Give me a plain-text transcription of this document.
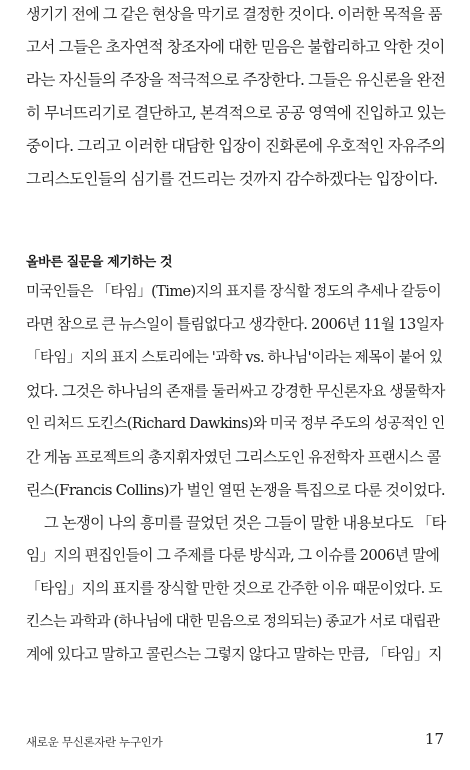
생기기 전에 그 같은 현상을 막기로 결정한 것이다. 이러한 목적을 품
고서 그들은 초자연적 창조자에 대한 믿음은 불합리하고 악한 것이
라는 자신들의 주장을 적극적으로 주장한다. 그들은 유신론을 완전
히 무너뜨리기로 결단하고, 본격적으로 공공 영역에 진입하고 있는
중이다. 그리고 이러한 대담한 입장이 진화론에 우호적인 자유주의
그리스도인들의 심기를 건드리는 것까지 감수하겠다는 입장이다.
올바른 질문을 제기하는 것
미국인들은 「타임」(Time)지의 표지를 장식할 정도의 추세나 갈등이
라면 참으로 큰 뉴스일이 틀림없다고 생각한다. 2006년 11월 13일자
「타임」지의 표지 스토리에는 '과학 vs. 하나님'이라는 제목이 붙어 있
었다. 그것은 하나님의 존재를 둘러싸고 강경한 무신론자요 생물학자
인 리처드 도킨스(Richard Dawkins)와 미국 정부 주도의 성공적인 인
간 게놈 프로젝트의 총지휘자였던 그리스도인 유전학자 프랜시스 콜
린스(Francis Collins)가 벌인 열띤 논쟁을 특집으로 다룬 것이었다.
그 논쟁이 나의 흥미를 끌었던 것은 그들이 말한 내용보다도 「타
임」지의 편집인들이 그 주제를 다룬 방식과, 그 이슈를 2006년 말에
「타임」지의 표지를 장식할 만한 것으로 간주한 이유 때문이었다. 도
킨스는 과학과 (하나님에 대한 믿음으로 정의되는) 종교가 서로 대립관
계에 있다고 말하고 콜린스는 그렇지 않다고 말하는 만큼, 「타임」지
새로운 무신론자란 누구인가	17
